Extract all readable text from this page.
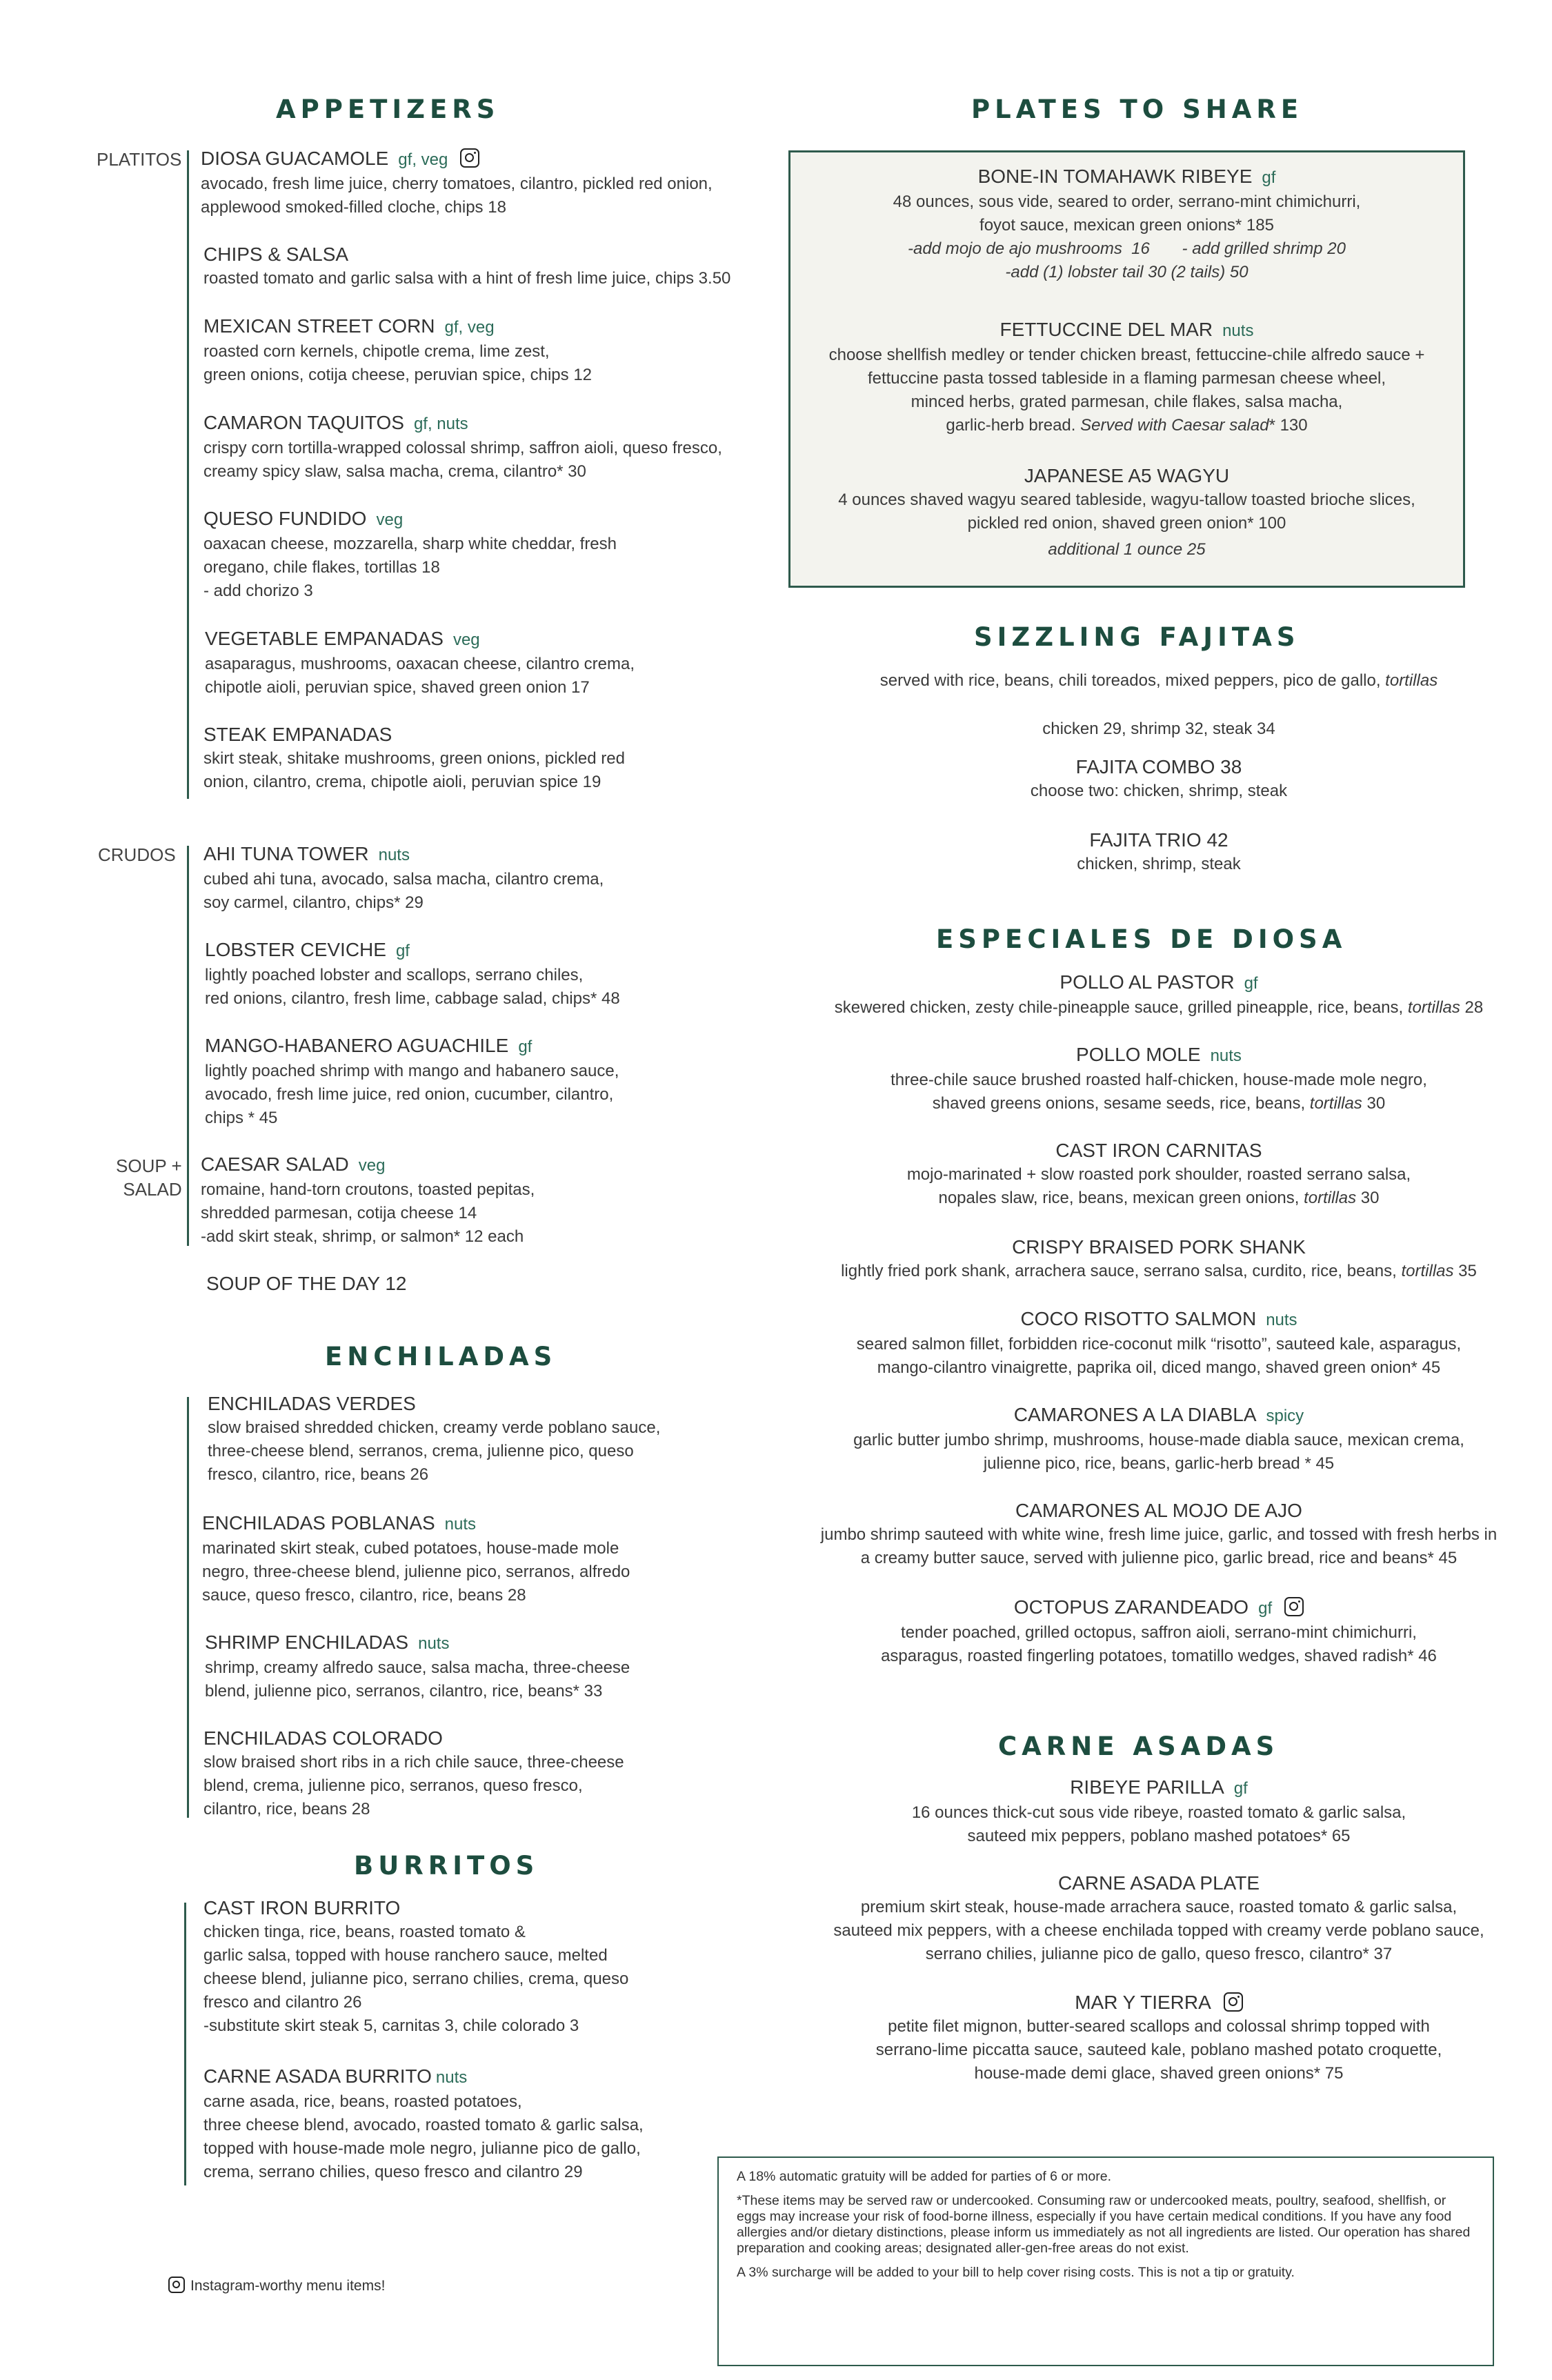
APPETIZERS
PLATITOS DIOSA GUACAMOLE gf, veg
avocado, fresh lime juice, cherry tomatoes, cilantro, pickled red onion,
applewood smoked-filled cloche, chips 18
CHIPS & SALSA
roasted tomato and garlic salsa with a hint of fresh lime juice, chips 3.50
MEXICAN STREET CORN gf, veg
roasted corn kernels, chipotle crema, lime zest,
green onions, cotija cheese, peruvian spice, chips 12
CAMARON TAQUITOS gf, nuts
crispy corn tortilla-wrapped colossal shrimp, saffron aioli, queso fresco,
creamy spicy slaw, salsa macha, crema, cilantro* 30
QUESO FUNDIDO veg
oaxacan cheese, mozzarella, sharp white cheddar, fresh
oregano, chile flakes, tortillas 18
- add chorizo 3
VEGETABLE EMPANADAS veg
asaparagus, mushrooms, oaxacan cheese, cilantro crema,
chipotle aioli, peruvian spice, shaved green onion 17
STEAK EMPANADAS
skirt steak, shitake mushrooms, green onions, pickled red
onion, cilantro, crema, chipotle aioli, peruvian spice 19
CRUDOS AHI TUNA TOWER nuts
cubed ahi tuna, avocado, salsa macha, cilantro crema,
soy carmel, cilantro, chips* 29
LOBSTER CEVICHE gf
lightly poached lobster and scallops, serrano chiles,
red onions, cilantro, fresh lime, cabbage salad, chips* 48
MANGO-HABANERO AGUACHILE gf
lightly poached shrimp with mango and habanero sauce,
avocado, fresh lime juice, red onion, cucumber, cilantro,
chips * 45
SOUP +
SALAD
CAESAR SALAD veg
romaine, hand-torn croutons, toasted pepitas,
shredded parmesan, cotija cheese 14
-add skirt steak, shrimp, or salmon* 12 each
SOUP OF THE DAY 12
ENCHILADAS
ENCHILADAS VERDES
slow braised shredded chicken, creamy verde poblano sauce,
three-cheese blend, serranos, crema, julienne pico, queso
fresco, cilantro, rice, beans 26
ENCHILADAS POBLANAS nuts
marinated skirt steak, cubed potatoes, house-made mole
negro, three-cheese blend, julienne pico, serranos, alfredo
sauce, queso fresco, cilantro, rice, beans 28
SHRIMP ENCHILADAS nuts
shrimp, creamy alfredo sauce, salsa macha, three-cheese
blend, julienne pico, serranos, cilantro, rice, beans* 33
ENCHILADAS COLORADO
slow braised short ribs in a rich chile sauce, three-cheese
blend, crema, julienne pico, serranos, queso fresco,
cilantro, rice, beans 28
BURRITOS
CAST IRON BURRITO
chicken tinga, rice, beans, roasted tomato &
garlic salsa, topped with house ranchero sauce, melted
cheese blend, julianne pico, serrano chilies, crema, queso
fresco and cilantro 26
-substitute skirt steak 5, carnitas 3, chile colorado 3
CARNE ASADA BURRITO nuts
carne asada, rice, beans, roasted potatoes,
three cheese blend, avocado, roasted tomato & garlic salsa,
topped with house-made mole negro, julianne pico de gallo,
crema, serrano chilies, queso fresco and cilantro 29
Instagram-worthy menu items!
PLATES TO SHARE
BONE-IN TOMAHAWK RIBEYE gf
48 ounces, sous vide, seared to order, serrano-mint chimichurri,
foyot sauce, mexican green onions* 185
-add mojo de ajo mushrooms  16       - add grilled shrimp 20
-add (1) lobster tail 30 (2 tails) 50
FETTUCCINE DEL MAR nuts
choose shellfish medley or tender chicken breast, fettuccine-chile alfredo sauce +
fettuccine pasta tossed tableside in a flaming parmesan cheese wheel,
minced herbs, grated parmesan, chile flakes, salsa macha,
garlic-herb bread. Served with Caesar salad* 130
JAPANESE A5 WAGYU
4 ounces shaved wagyu seared tableside, wagyu-tallow toasted brioche slices,
pickled red onion, shaved green onion* 100
additional 1 ounce 25
SIZZLING FAJITAS
served with rice, beans, chili toreados, mixed peppers, pico de gallo, tortillas
chicken 29, shrimp 32, steak 34
FAJITA COMBO 38
choose two: chicken, shrimp, steak
FAJITA TRIO 42
chicken, shrimp, steak
ESPECIALES DE DIOSA
POLLO AL PASTOR gf
skewered chicken, zesty chile-pineapple sauce, grilled pineapple, rice, beans, tortillas 28
POLLO MOLE nuts
three-chile sauce brushed roasted half-chicken, house-made mole negro,
shaved greens onions, sesame seeds, rice, beans, tortillas 30
CAST IRON CARNITAS
mojo-marinated + slow roasted pork shoulder, roasted serrano salsa,
nopales slaw, rice, beans, mexican green onions, tortillas 30
CRISPY BRAISED PORK SHANK
lightly fried pork shank, arrachera sauce, serrano salsa, curdito, rice, beans, tortillas 35
COCO RISOTTO SALMON nuts
seared salmon fillet, forbidden rice-coconut milk “risotto”, sauteed kale, asparagus,
mango-cilantro vinaigrette, paprika oil, diced mango, shaved green onion* 45
CAMARONES A LA DIABLA spicy
garlic butter jumbo shrimp, mushrooms, house-made diabla sauce, mexican crema,
julienne pico, rice, beans, garlic-herb bread * 45
CAMARONES AL MOJO DE AJO
jumbo shrimp sauteed with white wine, fresh lime juice, garlic, and tossed with fresh herbs in
a creamy butter sauce, served with julienne pico, garlic bread, rice and beans* 45
OCTOPUS ZARANDEADO gf
tender poached, grilled octopus, saffron aioli, serrano-mint chimichurri,
asparagus, roasted fingerling potatoes, tomatillo wedges, shaved radish* 46
CARNE ASADAS
RIBEYE PARILLA gf
16 ounces thick-cut sous vide ribeye, roasted tomato & garlic salsa,
sauteed mix peppers, poblano mashed potatoes* 65
CARNE ASADA PLATE
premium skirt steak, house-made arrachera sauce, roasted tomato & garlic salsa,
sauteed mix peppers, with a cheese enchilada topped with creamy verde poblano sauce,
serrano chilies, julianne pico de gallo, queso fresco, cilantro* 37
MAR Y TIERRA
petite filet mignon, butter-seared scallops and colossal shrimp topped with
serrano-lime piccatta sauce, sauteed kale, poblano mashed potato croquette,
house-made demi glace, shaved green onions* 75

A 18% automatic gratuity will be added for parties of 6 or more.

*These items may be served raw or undercooked. Consuming raw or undercooked meats, poultry, seafood, shellfish, or eggs may increase your risk of food-borne illness, especially if you have certain medical conditions. If you have any food allergies and/or dietary distinctions, please inform us immediately as not all ingredients are listed. Our operation has shared preparation and cooking areas; designated aller-gen-free areas do not exist.

A 3% surcharge will be added to your bill to help cover rising costs. This is not a tip or gratuity.
